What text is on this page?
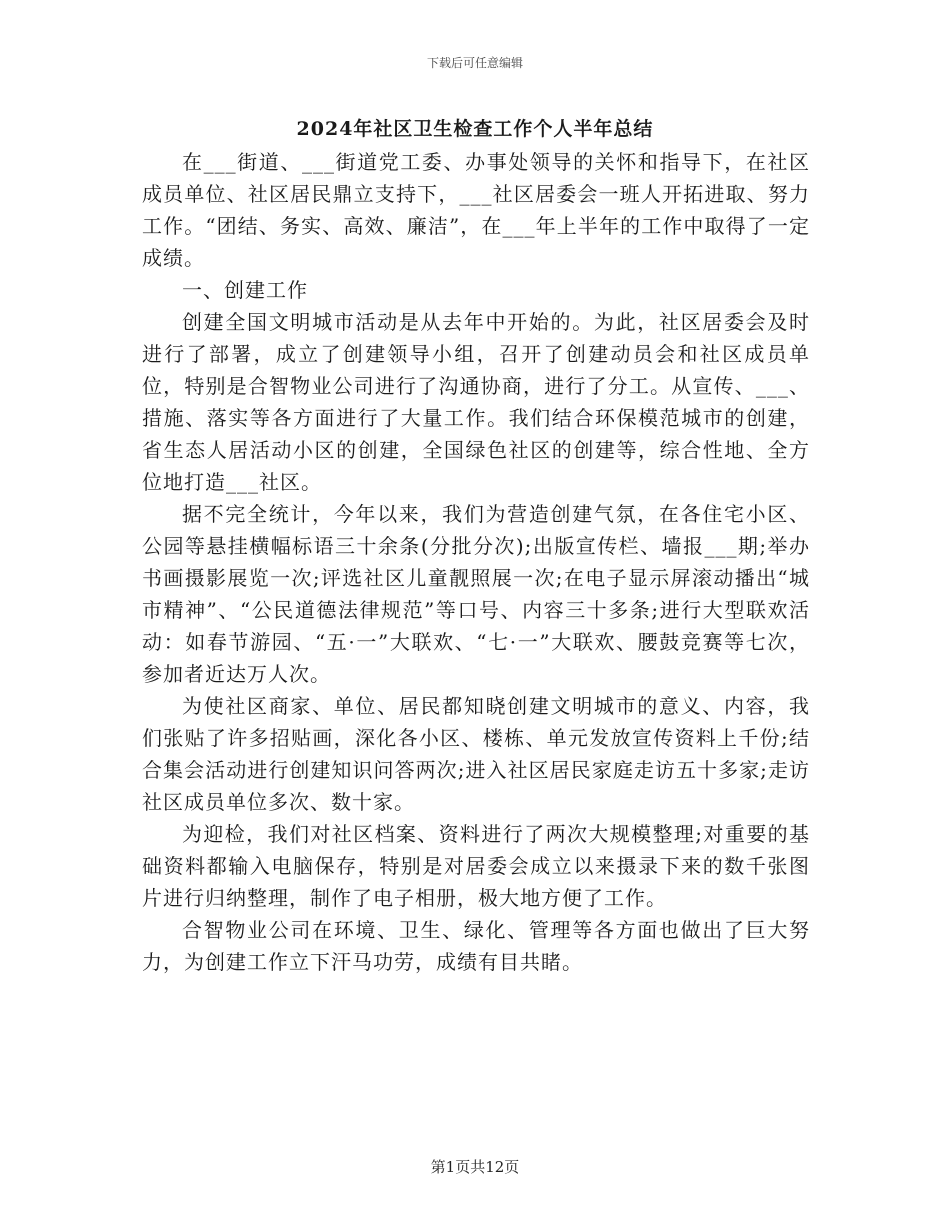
下载后可任意编辑
2024年社区卫生检查工作个人半年总结

在___街道、___街道党工委、办事处领导的关怀和指导下，在社区成员单位、社区居民鼎立支持下，___社区居委会一班人开拓进取、努力工作。“团结、务实、高效、廉洁”，在___年上半年的工作中取得了一定成绩。

一、创建工作

创建全国文明城市活动是从去年中开始的。为此，社区居委会及时进行了部署，成立了创建领导小组，召开了创建动员会和社区成员单位，特别是合智物业公司进行了沟通协商，进行了分工。从宣传、___、措施、落实等各方面进行了大量工作。我们结合环保模范城市的创建，省生态人居活动小区的创建，全国绿色社区的创建等，综合性地、全方位地打造___社区。

据不完全统计，今年以来，我们为营造创建气氛，在各住宅小区、公园等悬挂横幅标语三十余条(分批分次);出版宣传栏、墙报___期;举办书画摄影展览一次;评选社区儿童靓照展一次;在电子显示屏滚动播出“城市精神”、“公民道德法律规范”等口号、内容三十多条;进行大型联欢活动：如春节游园、“五·一”大联欢、“七·一”大联欢、腰鼓竞赛等七次，参加者近达万人次。

为使社区商家、单位、居民都知晓创建文明城市的意义、内容，我们张贴了许多招贴画，深化各小区、楼栋、单元发放宣传资料上千份;结合集会活动进行创建知识问答两次;进入社区居民家庭走访五十多家;走访社区成员单位多次、数十家。

为迎检，我们对社区档案、资料进行了两次大规模整理;对重要的基础资料都输入电脑保存，特别是对居委会成立以来摄录下来的数千张图片进行归纳整理，制作了电子相册，极大地方便了工作。

合智物业公司在环境、卫生、绿化、管理等各方面也做出了巨大努力，为创建工作立下汗马功劳，成绩有目共睹。

第1页共12页
